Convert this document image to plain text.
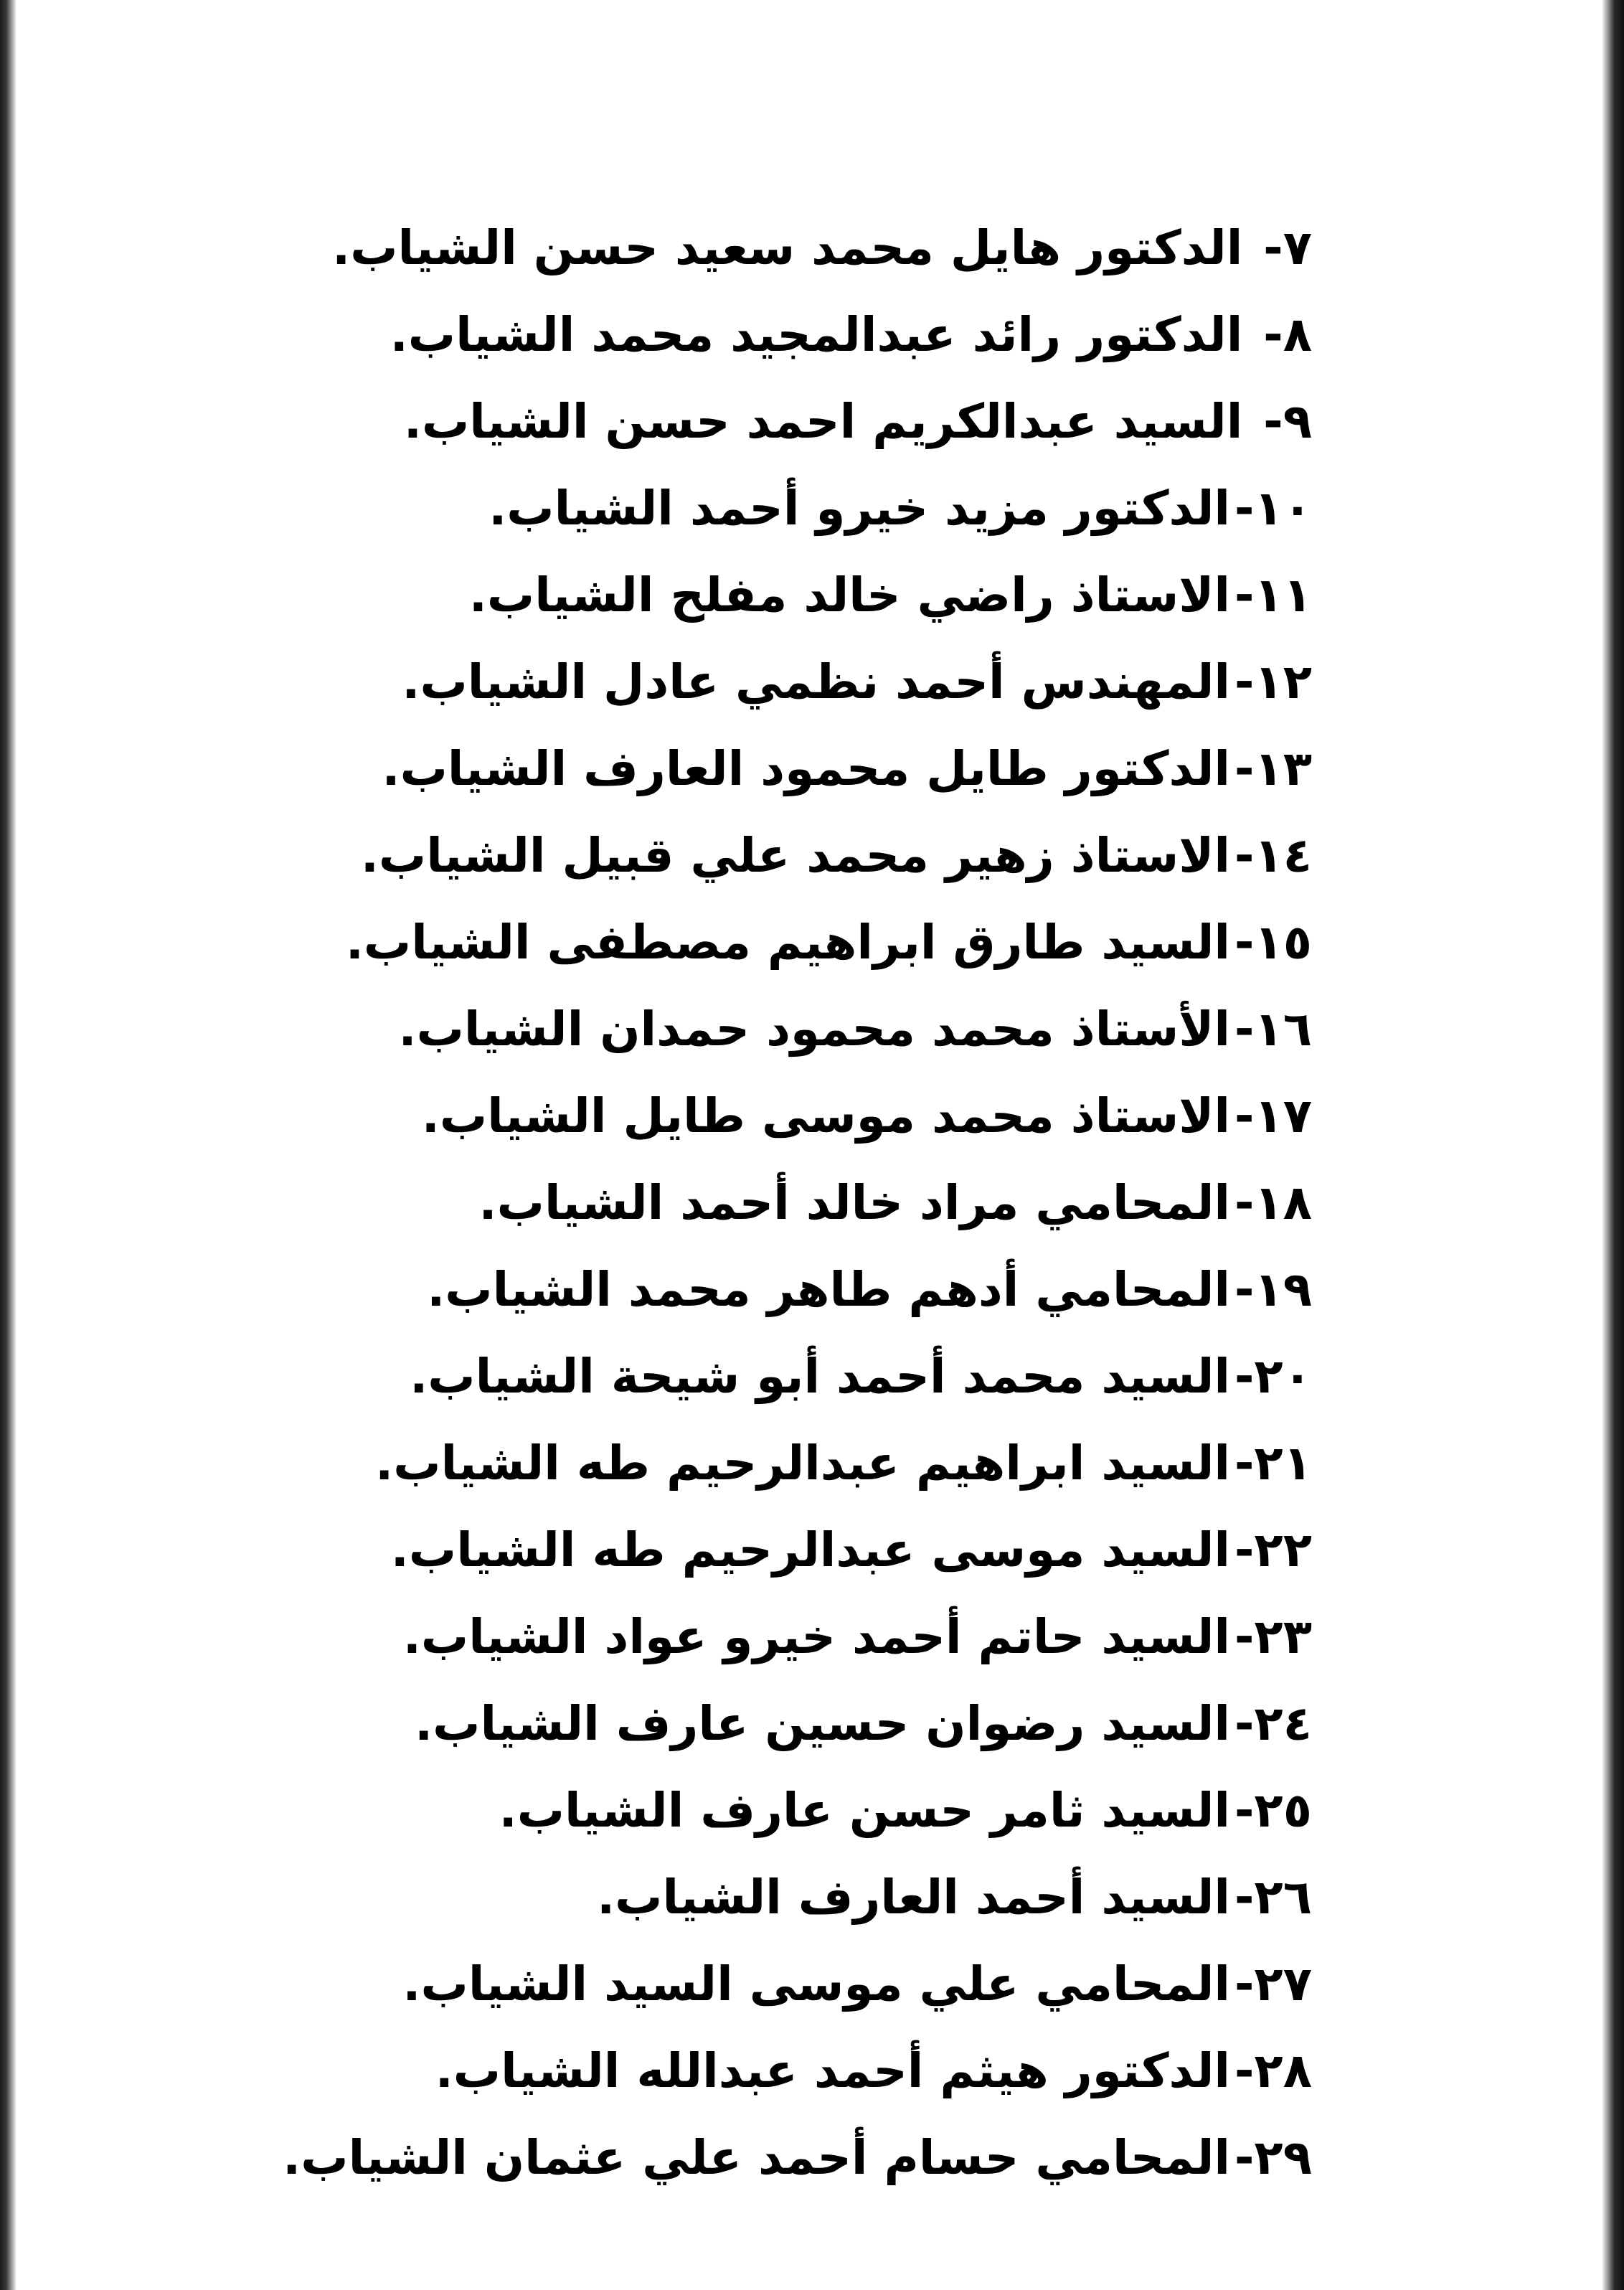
٧- الدكتور هايل محمد سعيد حسن الشياب.
٨- الدكتور رائد عبدالمجيد محمد الشياب.
٩- السيد عبدالكريم احمد حسن الشياب.
١٠-الدكتور مزيد خيرو أحمد الشياب.
١١-الاستاذ راضي خالد مفلح الشياب.
١٢-المهندس أحمد نظمي عادل الشياب.
١٣-الدكتور طايل محمود العارف الشياب.
١٤-الاستاذ زهير محمد علي قبيل الشياب.
١٥-السيد طارق ابراهيم مصطفى الشياب.
١٦-الأستاذ محمد محمود حمدان الشياب.
١٧-الاستاذ محمد موسى طايل الشياب.
١٨-المحامي مراد خالد أحمد الشياب.
١٩-المحامي أدهم طاهر محمد الشياب.
٢٠-السيد محمد أحمد أبو شيحة الشياب.
٢١-السيد ابراهيم عبدالرحيم طه الشياب.
٢٢-السيد موسى عبدالرحيم طه الشياب.
٢٣-السيد حاتم أحمد خيرو عواد الشياب.
٢٤-السيد رضوان حسين عارف الشياب.
٢٥-السيد ثامر حسن عارف الشياب.
٢٦-السيد أحمد العارف الشياب.
٢٧-المحامي علي موسى السيد الشياب.
٢٨-الدكتور هيثم أحمد عبدالله الشياب.
٢٩-المحامي حسام أحمد علي عثمان الشياب.
